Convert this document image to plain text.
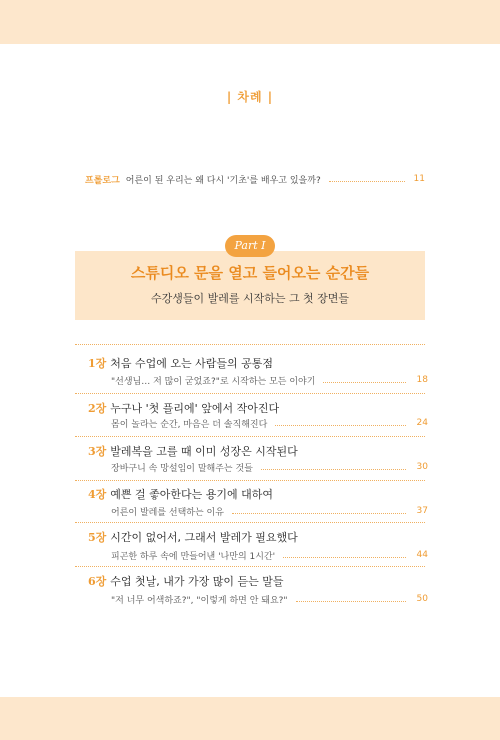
| 차례 |
프롤로그 어른이 된 우리는 왜 다시 '기초'를 배우고 있을까?	11
Part I
스튜디오 문을 열고 들어오는 순간들
수강생들이 발레를 시작하는 그 첫 장면들
1장 처음 수업에 오는 사람들의 공통점
"선생님… 저 많이 굳었죠?"로 시작하는 모든 이야기	18
2장 누구나 '첫 플리에' 앞에서 작아진다
몸이 놀라는 순간, 마음은 더 솔직해진다	24
3장 발레복을 고를 때 이미 성장은 시작된다
장바구니 속 망설임이 말해주는 것들	30
4장 예쁜 걸 좋아한다는 용기에 대하여
어른이 발레를 선택하는 이유	37
5장 시간이 없어서, 그래서 발레가 필요했다
피곤한 하루 속에 만들어낸 '나만의 1시간'	44
6장 수업 첫날, 내가 가장 많이 듣는 말들
"저 너무 어색하죠?", "이렇게 하면 안 돼요?"	50
